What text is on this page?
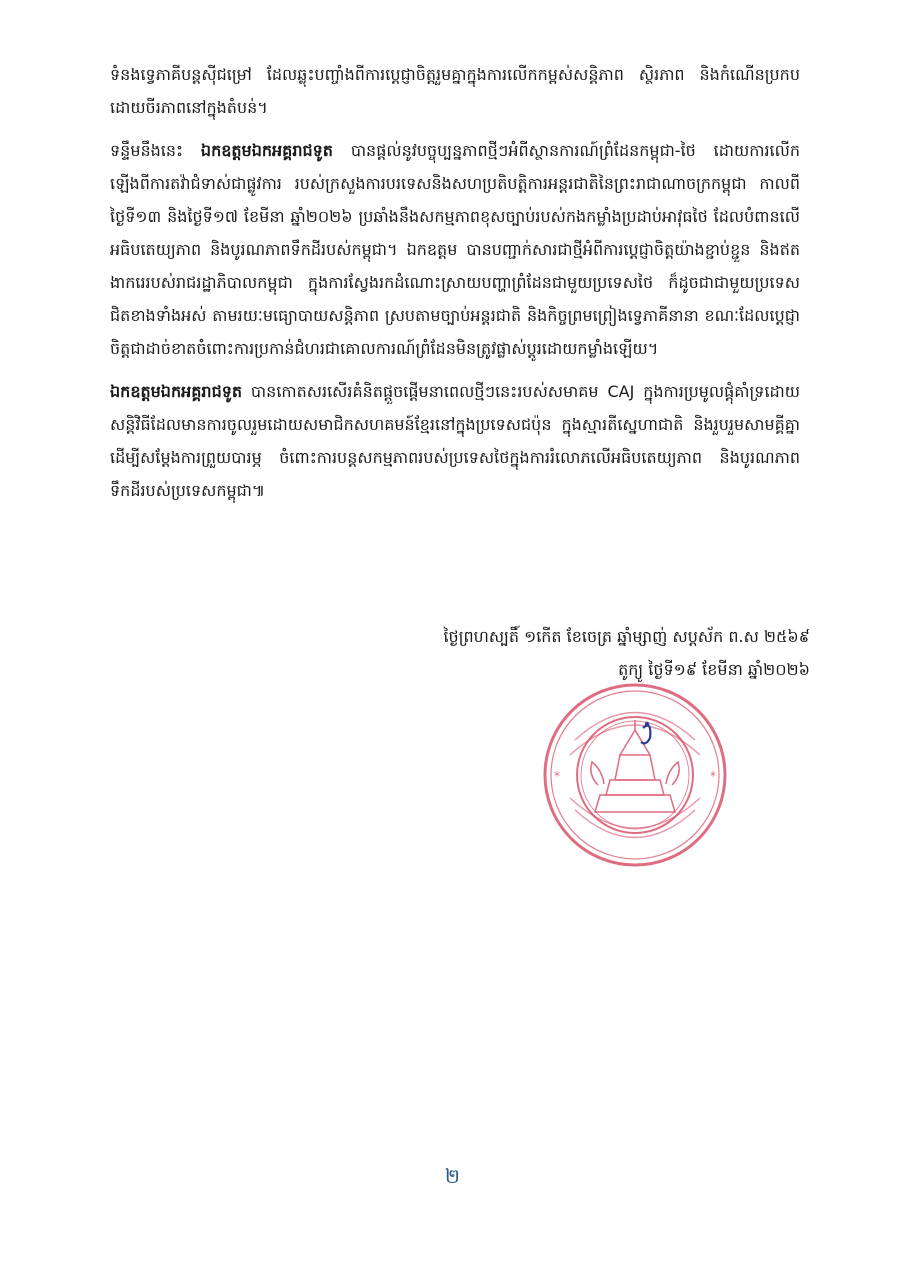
ទំនងទេ្វភាគីបន្តស៊ីជម្រៅ ដែលឆ្លុះបញ្ចាំងពីការប្តេជ្ញាចិត្តរួមគ្នាក្នុងការលើកកម្ពស់សន្តិភាព ស្ថិរភាព និងកំណើនប្រកបដោយចីរភាពនៅក្នុងតំបន់។

ទន្ទឹមនឹងនេះ ឯកឧត្តមឯកអគ្គរាជទូត បានផ្តល់នូវបច្ចុប្បន្នភាពថ្មីៗអំពីស្ថានការណ៍ព្រំដែនកម្ពុជា-ថៃ ដោយការលើកឡើងពីការតវ៉ាជំទាស់ជាផ្លូវការ របស់ក្រសួងការបរទេសនិងសហប្រតិបត្តិការអន្តរជាតិនៃព្រះរាជាណាចក្រកម្ពុជា កាលពីថ្ងៃទី១៣ និងថ្ងៃទី១៧ ខែមីនា ឆ្នាំ២០២៦ ប្រឆាំងនឹងសកម្មភាពខុសច្បាប់របស់កងកម្លាំងប្រដាប់អាវុធថៃ ដែលបំពានលើអធិបតេយ្យភាព និងបូរណភាពទឹកដីរបស់កម្ពុជា។ ឯកឧត្តម បានបញ្ជាក់សារជាថ្មីអំពីការប្តេជ្ញាចិត្តយ៉ាងខ្ជាប់ខ្ជួន និងឥតងាករេរបស់រាជរដ្ឋាភិបាលកម្ពុជា ក្នុងការស្វែងរកដំណោះស្រាយបញ្ហាព្រំដែនជាមួយប្រទេសថៃ ក៏ដូចជាជាមួយប្រទេសជិតខាងទាំងអស់ តាមរយៈមធ្យោបាយសន្តិភាព ស្របតាមច្បាប់អន្តរជាតិ និងកិច្ចព្រមព្រៀងទ្វេភាគីនានា ខណៈដែលប្តេជ្ញាចិត្តជាដាច់ខាតចំពោះការប្រកាន់ជំហរជាគោលការណ៍ព្រំដែនមិនត្រូវផ្លាស់ប្តូរដោយកម្លាំងឡើយ។

ឯកឧត្តមឯកអគ្គរាជទូត បានកោតសរសើរគំនិតផ្តួចផ្តើមនាពេលថ្មីៗនេះរបស់សមាគម CAJ ក្នុងការប្រមូលផ្តុំគាំទ្រដោយសន្តិវិធីដែលមានការចូលរួមដោយសមាជិកសហគមន៍ខ្មែរនៅក្នុងប្រទេសជប៉ុន ក្នុងស្មារតីស្នេហាជាតិ និងរួបរួមសាមគ្គីគ្នា ដើម្បីសម្តែងការព្រួយបារម្ភ ចំពោះការបន្តសកម្មភាពរបស់ប្រទេសថៃក្នុងការរំលោភលើអធិបតេយ្យភាព និងបូរណភាពទឹកដីរបស់ប្រទេសកម្ពុជា៕

ថ្ងៃព្រហស្បតិ៍ ១កើត ខែចេត្រ ឆ្នាំម្សាញ់ សប្តស័ក ព.ស ២៥៦៩
តូក្យូ ថ្ងៃទី១៩ ខែមីនា ឆ្នាំ២០២៦
*	*
២
